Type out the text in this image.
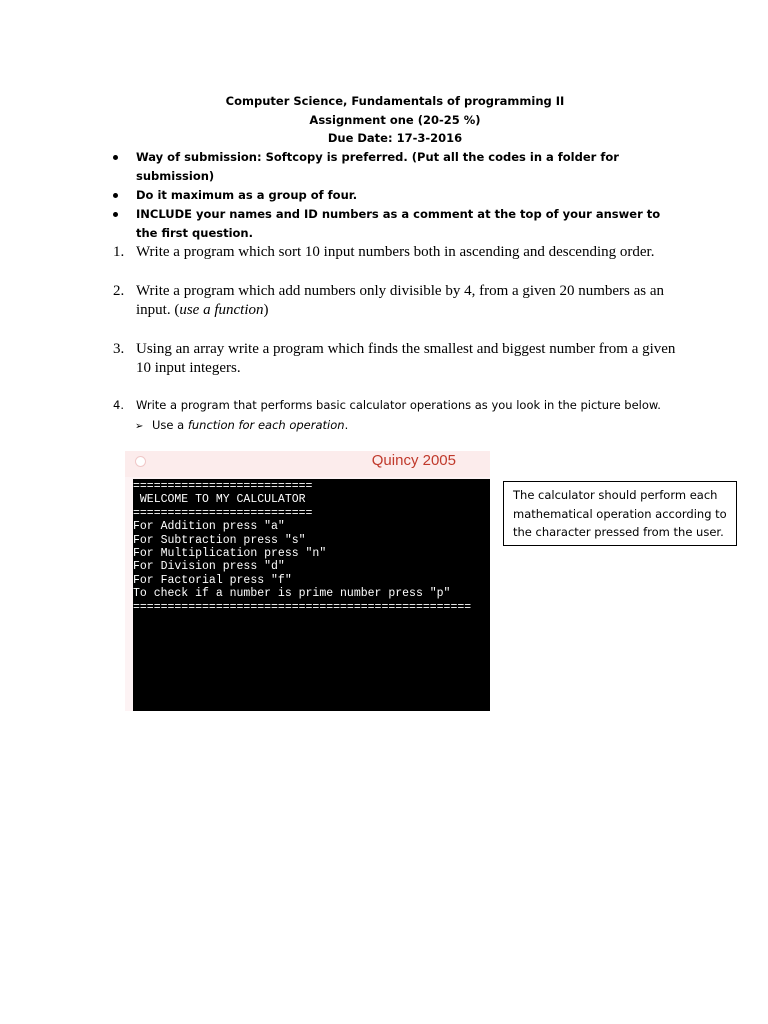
Computer Science, Fundamentals of programming II
Assignment one (20-25 %)
Due Date: 17-3-2016
Way of submission: Softcopy is preferred. (Put all the codes in a folder for submission)
Do it maximum as a group of four.
INCLUDE your names and ID numbers as a comment at the top of your answer to the first question.
1. Write a program which sort 10 input numbers both in ascending and descending order.
2. Write a program which add numbers only divisible by 4, from a given 20 numbers as an input. (use a function)
3. Using an array write a program which finds the smallest and biggest number from a given 10 input integers.
4. Write a program that performs basic calculator operations as you look in the picture below.
➢ Use a function for each operation.
Quincy 2005
==========================
WELCOME TO MY CALCULATOR
==========================
For Addition press "a"
For Subtraction press "s"
For Multiplication press "n"
For Division press "d"
For Factorial press "f"
To check if a number is prime number press "p"
=================================================
The calculator should perform each mathematical operation according to the character pressed from the user.
